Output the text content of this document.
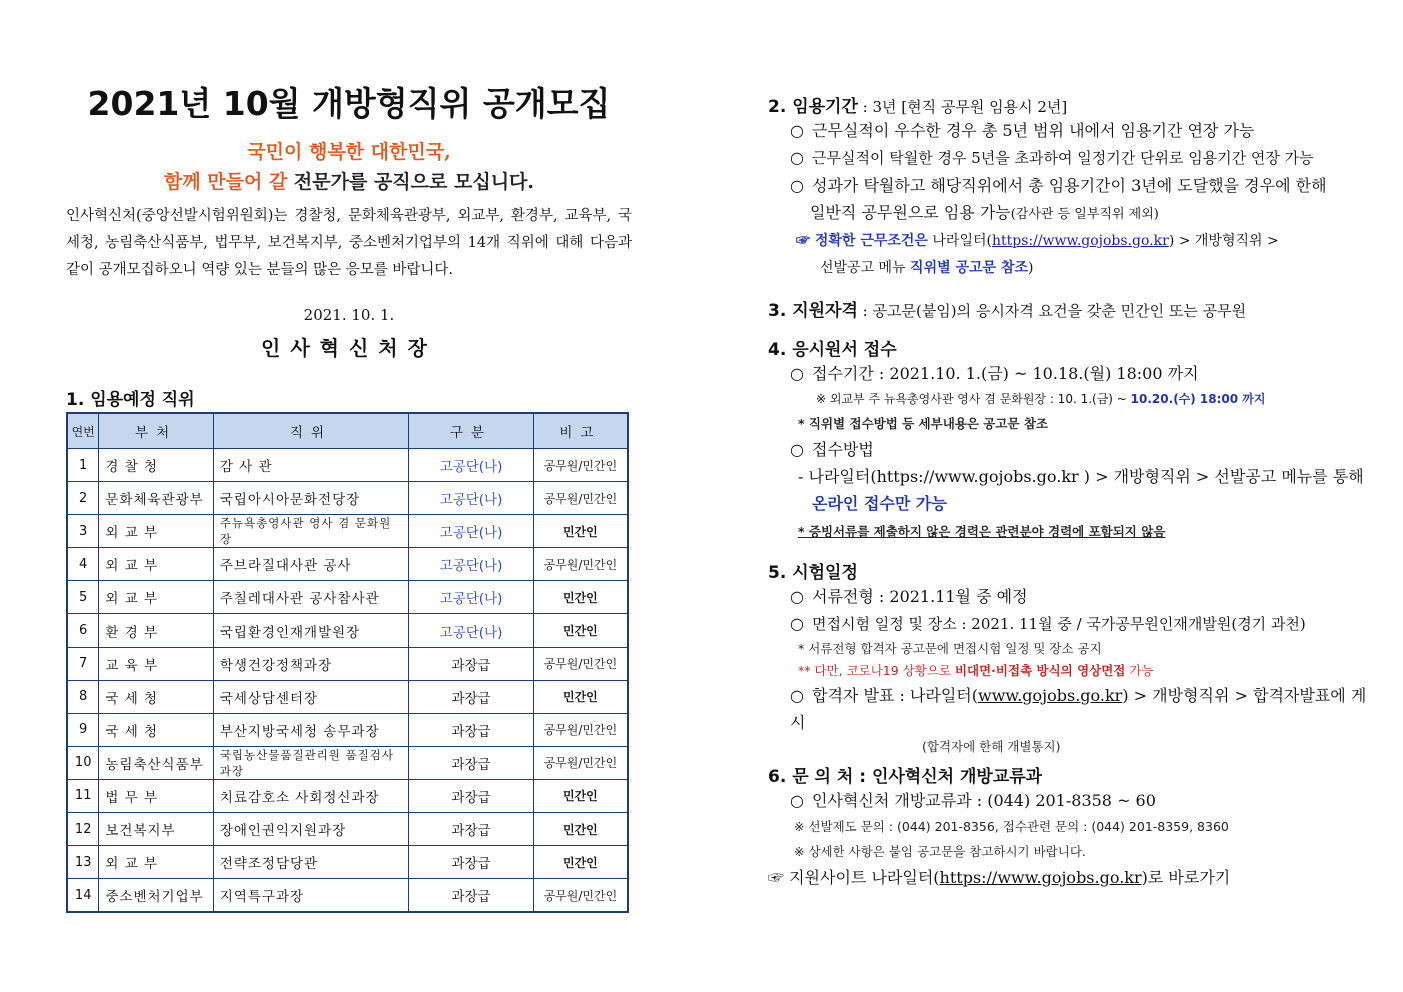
2021년 10월 개방형직위 공개모집
국민이 행복한 대한민국,
함께 만들어 갈 전문가를 공직으로 모십니다.
인사혁신처(중앙선발시험위원회)는 경찰청, 문화체육관광부, 외교부, 환경부, 교육부, 국세청, 농림축산식품부, 법무부, 보건복지부, 중소벤처기업부의 14개 직위에 대해 다음과 같이 공개모집하오니 역량 있는 분들의 많은 응모를 바랍니다.
2021. 10. 1.
인사혁신처장
1. 임용예정 직위
연번	부처	직위	구분	비고
1	경 찰 청	감 사 관	고공단(나)	공무원/민간인
2	문화체육관광부	국립아시아문화전당장	고공단(나)	공무원/민간인
3	외 교 부	주뉴욕총영사관 영사 겸 문화원장	고공단(나)	민간인
4	외 교 부	주브라질대사관 공사	고공단(나)	공무원/민간인
5	외 교 부	주칠레대사관 공사참사관	고공단(나)	민간인
6	환 경 부	국립환경인재개발원장	고공단(나)	민간인
7	교 육 부	학생건강정책과장	과장급	공무원/민간인
8	국 세 청	국세상담센터장	과장급	민간인
9	국 세 청	부산지방국세청 송무과장	과장급	공무원/민간인
10	농림축산식품부	국립농산물품질관리원 품질검사과장	과장급	공무원/민간인
11	법 무 부	치료감호소 사회정신과장	과장급	민간인
12	보건복지부	장애인권익지원과장	과장급	민간인
13	외 교 부	전략조정담당관	과장급	민간인
14	중소벤처기업부	지역특구과장	과장급	공무원/민간인
2. 임용기간 : 3년 [현직 공무원 임용시 2년]
○ 근무실적이 우수한 경우 총 5년 범위 내에서 임용기간 연장 가능
○ 근무실적이 탁월한 경우 5년을 초과하여 일정기간 단위로 임용기간 연장 가능
○ 성과가 탁월하고 해당직위에서 총 임용기간이 3년에 도달했을 경우에 한해
일반직 공무원으로 임용 가능(감사관 등 일부직위 제외)
☞ 정확한 근무조건은 나라일터(https://www.gojobs.go.kr) > 개방형직위 >
선발공고 메뉴 직위별 공고문 참조)
3. 지원자격 : 공고문(붙임)의 응시자격 요건을 갖춘 민간인 또는 공무원
4. 응시원서 접수
○ 접수기간 : 2021.10. 1.(금) ~ 10.18.(월) 18:00 까지
※ 외교부 주 뉴욕총영사관 영사 겸 문화원장 : 10. 1.(금) ~ 10.20.(수) 18:00 까지
* 직위별 접수방법 등 세부내용은 공고문 참조
○ 접수방법
- 나라일터(https://www.gojobs.go.kr ) > 개방형직위 > 선발공고 메뉴를 통해
온라인 접수만 가능
* 증빙서류를 제출하지 않은 경력은 관련분야 경력에 포함되지 않음
5. 시험일정
○ 서류전형 : 2021.11월 중 예정
○ 면접시험 일정 및 장소 : 2021. 11월 중 / 국가공무원인재개발원(경기 과천)
* 서류전형 합격자 공고문에 면접시험 일정 및 장소 공지
** 다만, 코로나19 상황으로 비대면·비접촉 방식의 영상면접 가능
○ 합격자 발표 : 나라일터(www.gojobs.go.kr) > 개방형직위 > 합격자발표에 게시
(합격자에 한해 개별통지)
6. 문 의 처 : 인사혁신처 개방교류과
○ 인사혁신처 개방교류과 : (044) 201-8358 ~ 60
※ 선발제도 문의 : (044) 201-8356, 접수관련 문의 : (044) 201-8359, 8360
※ 상세한 사항은 붙임 공고문을 참고하시기 바랍니다.
☞ 지원사이트 나라일터(https://www.gojobs.go.kr)로 바로가기
